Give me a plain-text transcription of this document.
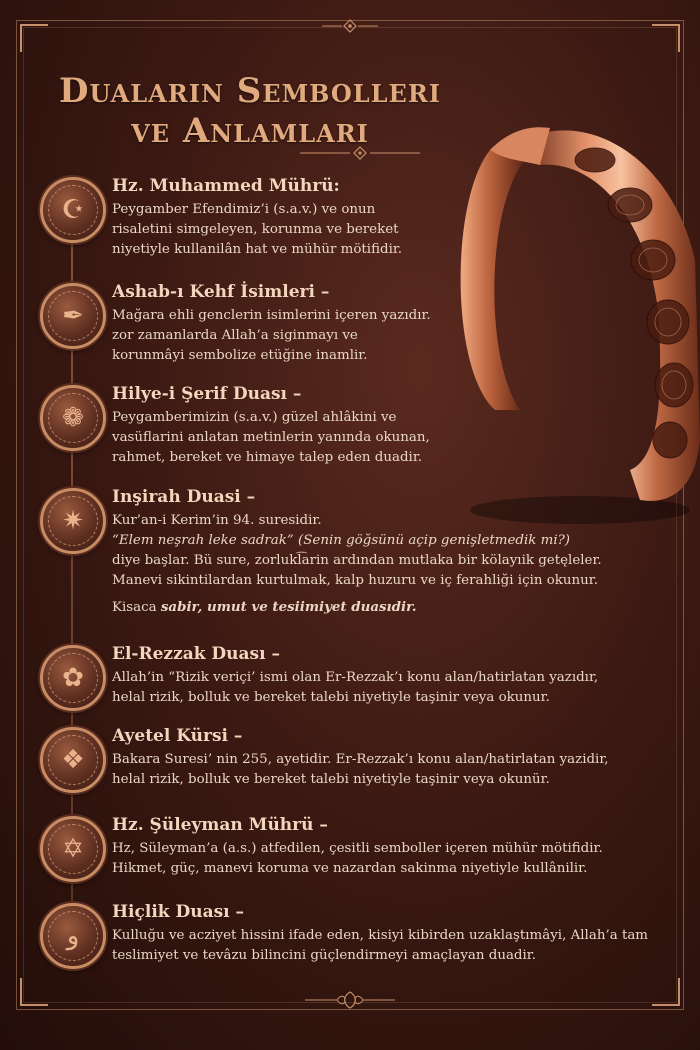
Duaların Sembolleri
ve Anlamları
☪

Hz. Muhammed Mührü:

Peygamber Efendimiz’i (s.a.v.) ve onun
risaletini simgeleyen, korunma ve bereket
niyetiyle kullanilân hat ve mühür mötifidir.

✒

Ashab-ı Kehf İsimleri –

Mağara ehli genclerin isimlerini içeren yazıdır.
zor zamanlarda Allah’a siginmayı ve
korunmâyi sembolize etüğine inamlir.

❁

Hilye-i Şerif Duası –

Peygamberimizin (s.a.v.) güzel ahlâkini ve
vasüflarini anlatan metinlerin yanında okunan,
rahmet, bereket ve himaye talep eden duadir.

✷

Inşirah Duasi –

Kur’an-i Kerim’in 94. suresidir.
“Elem neşrah leke sadrak” (Senin göğsünü açip genişletmedik mi?)
diye başlar. Bü sure, zorlukl͡arin ardından mutlaka bir kölayıik getęleler.
Manevi sikintilardan kurtulmak, kalp huzuru ve iç ferahliği için okunur.

Kisaca sabir, umut ve tesiimiyet duasıdir.

✿

El-Rezzak Duası –

Allah’in “Rizik veriçi’ ismi olan Er-Rezzak’ı konu alan/hatirlatan yazıdır,
helal rizik, bolluk ve bereket talebi niyetiyle taşinir veya okunur.

❖

Ayetel Kürsi –

Bakara Suresi’ nin 255, ayetidir. Er-Rezzak’ı konu alan/hatirlatan yazidir,
helal rizik, bolluk ve bereket talebi niyetiyle taşinir veya okunür.

✡

Hz. Şüleyman Mührü –

Hz, Süleyman’a (a.s.) atfedilen, çesitli semboller içeren mühür mötifidir.
Hikmet, güç, manevi koruma ve nazardan sakinma niyetiyle kullânilir.

و

Hiçlik Duası –

Kulluğu ve acziyet hissini ifade eden, kisiyi kibirden uzaklaştımâyi, Allah’a tam
teslimiyet ve tevâzu bilincini güçlendirmeyi amaçlayan duadir.
